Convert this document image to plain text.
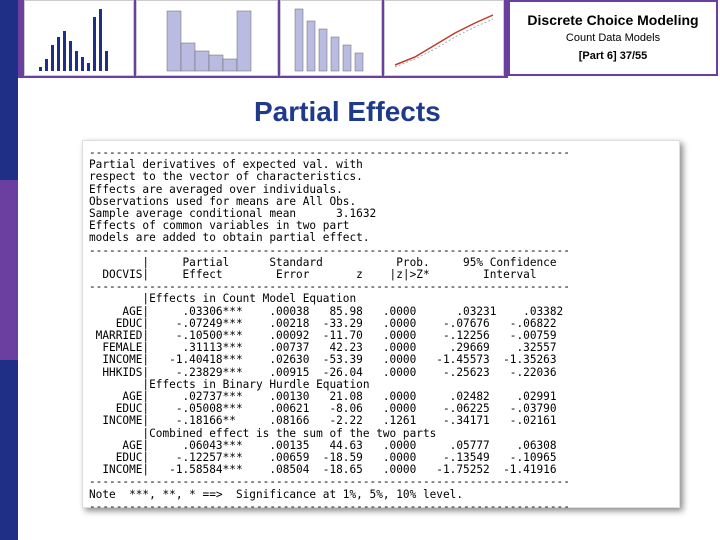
Discrete Choice Modeling
Count Data Models
[Part 6] 37/55
Partial Effects
------------------------------------------------------------------------
Partial derivatives of expected val. with
respect to the vector of characteristics.
Effects are averaged over individuals.
Observations used for means are All Obs.
Sample average conditional mean      3.1632
Effects of common variables in two part
models are added to obtain partial effect.
------------------------------------------------------------------------
|     Partial      Standard           Prob.     95% Confidence
DOCVIS|     Effect        Error       z    |z|>Z*        Interval
------------------------------------------------------------------------
|Effects in Count Model Equation
AGE|     .03306***    .00038   85.98   .0000      .03231    .03382
EDUC|    -.07249***    .00218  -33.29   .0000    -.07676   -.06822
MARRIED|    -.10500***    .00092  -11.70   .0000    -.12256   -.00759
FEMALE|     .31113***    .00737   42.23   .0000     .29669    .32557
INCOME|   -1.40418***    .02630  -53.39   .0000   -1.45573  -1.35263
HHKIDS|    -.23829***    .00915  -26.04   .0000    -.25623   -.22036
|Effects in Binary Hurdle Equation
AGE|     .02737***    .00130   21.08   .0000     .02482    .02991
EDUC|    -.05008***    .00621   -8.06   .0000    -.06225   -.03790
INCOME|    -.18166**     .08166   -2.22   .1261    -.34171   -.02161
|Combined effect is the sum of the two parts
AGE|     .06043***    .00135   44.63   .0000     .05777    .06308
EDUC|    -.12257***    .00659  -18.59   .0000    -.13549   -.10965
INCOME|   -1.58584***    .08504  -18.65   .0000   -1.75252  -1.41916
------------------------------------------------------------------------
Note  ***, **, * ==>  Significance at 1%, 5%, 10% level.
------------------------------------------------------------------------
